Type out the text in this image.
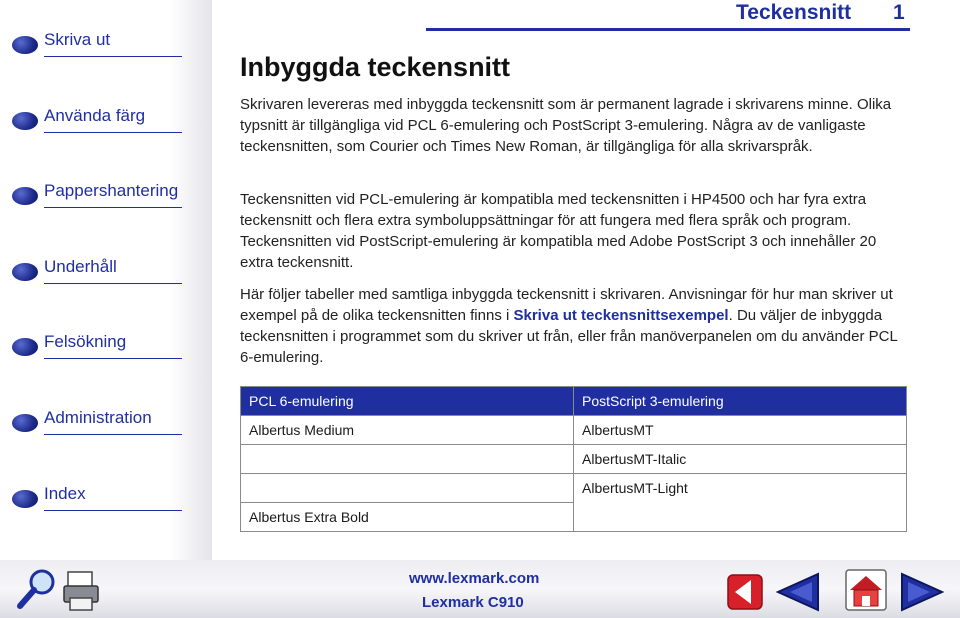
Skriva ut
Använda färg
Pappershantering
Underhåll
Felsökning
Administration
Index
Teckensnitt 1
Inbyggda teckensnitt

Skrivaren levereras med inbyggda teckensnitt som är permanent lagrade i skrivarens minne. Olika typsnitt är tillgängliga vid PCL 6-emulering och PostScript 3-emulering. Några av de vanligaste teckensnitten, som Courier och Times New Roman, är tillgängliga för alla skrivarspråk.

Teckensnitten vid PCL-emulering är kompatibla med teckensnitten i HP4500 och har fyra extra teckensnitt och flera extra symboluppsättningar för att fungera med flera språk och program. Teckensnitten vid PostScript-emulering är kompatibla med Adobe PostScript 3 och innehåller 20 extra teckensnitt.

Här följer tabeller med samtliga inbyggda teckensnitt i skrivaren. Anvisningar för hur man skriver ut exempel på de olika teckensnitten finns i Skriva ut teckensnittsexempel. Du väljer de inbyggda teckensnitten i programmet som du skriver ut från, eller från manöverpanelen om du använder PCL 6-emulering.

PCL 6-emulering	PostScript 3-emulering
Albertus Medium	AlbertusMT
	AlbertusMT-Italic
	AlbertusMT-Light
Albertus Extra Bold	
www.lexmark.com
Lexmark C910
